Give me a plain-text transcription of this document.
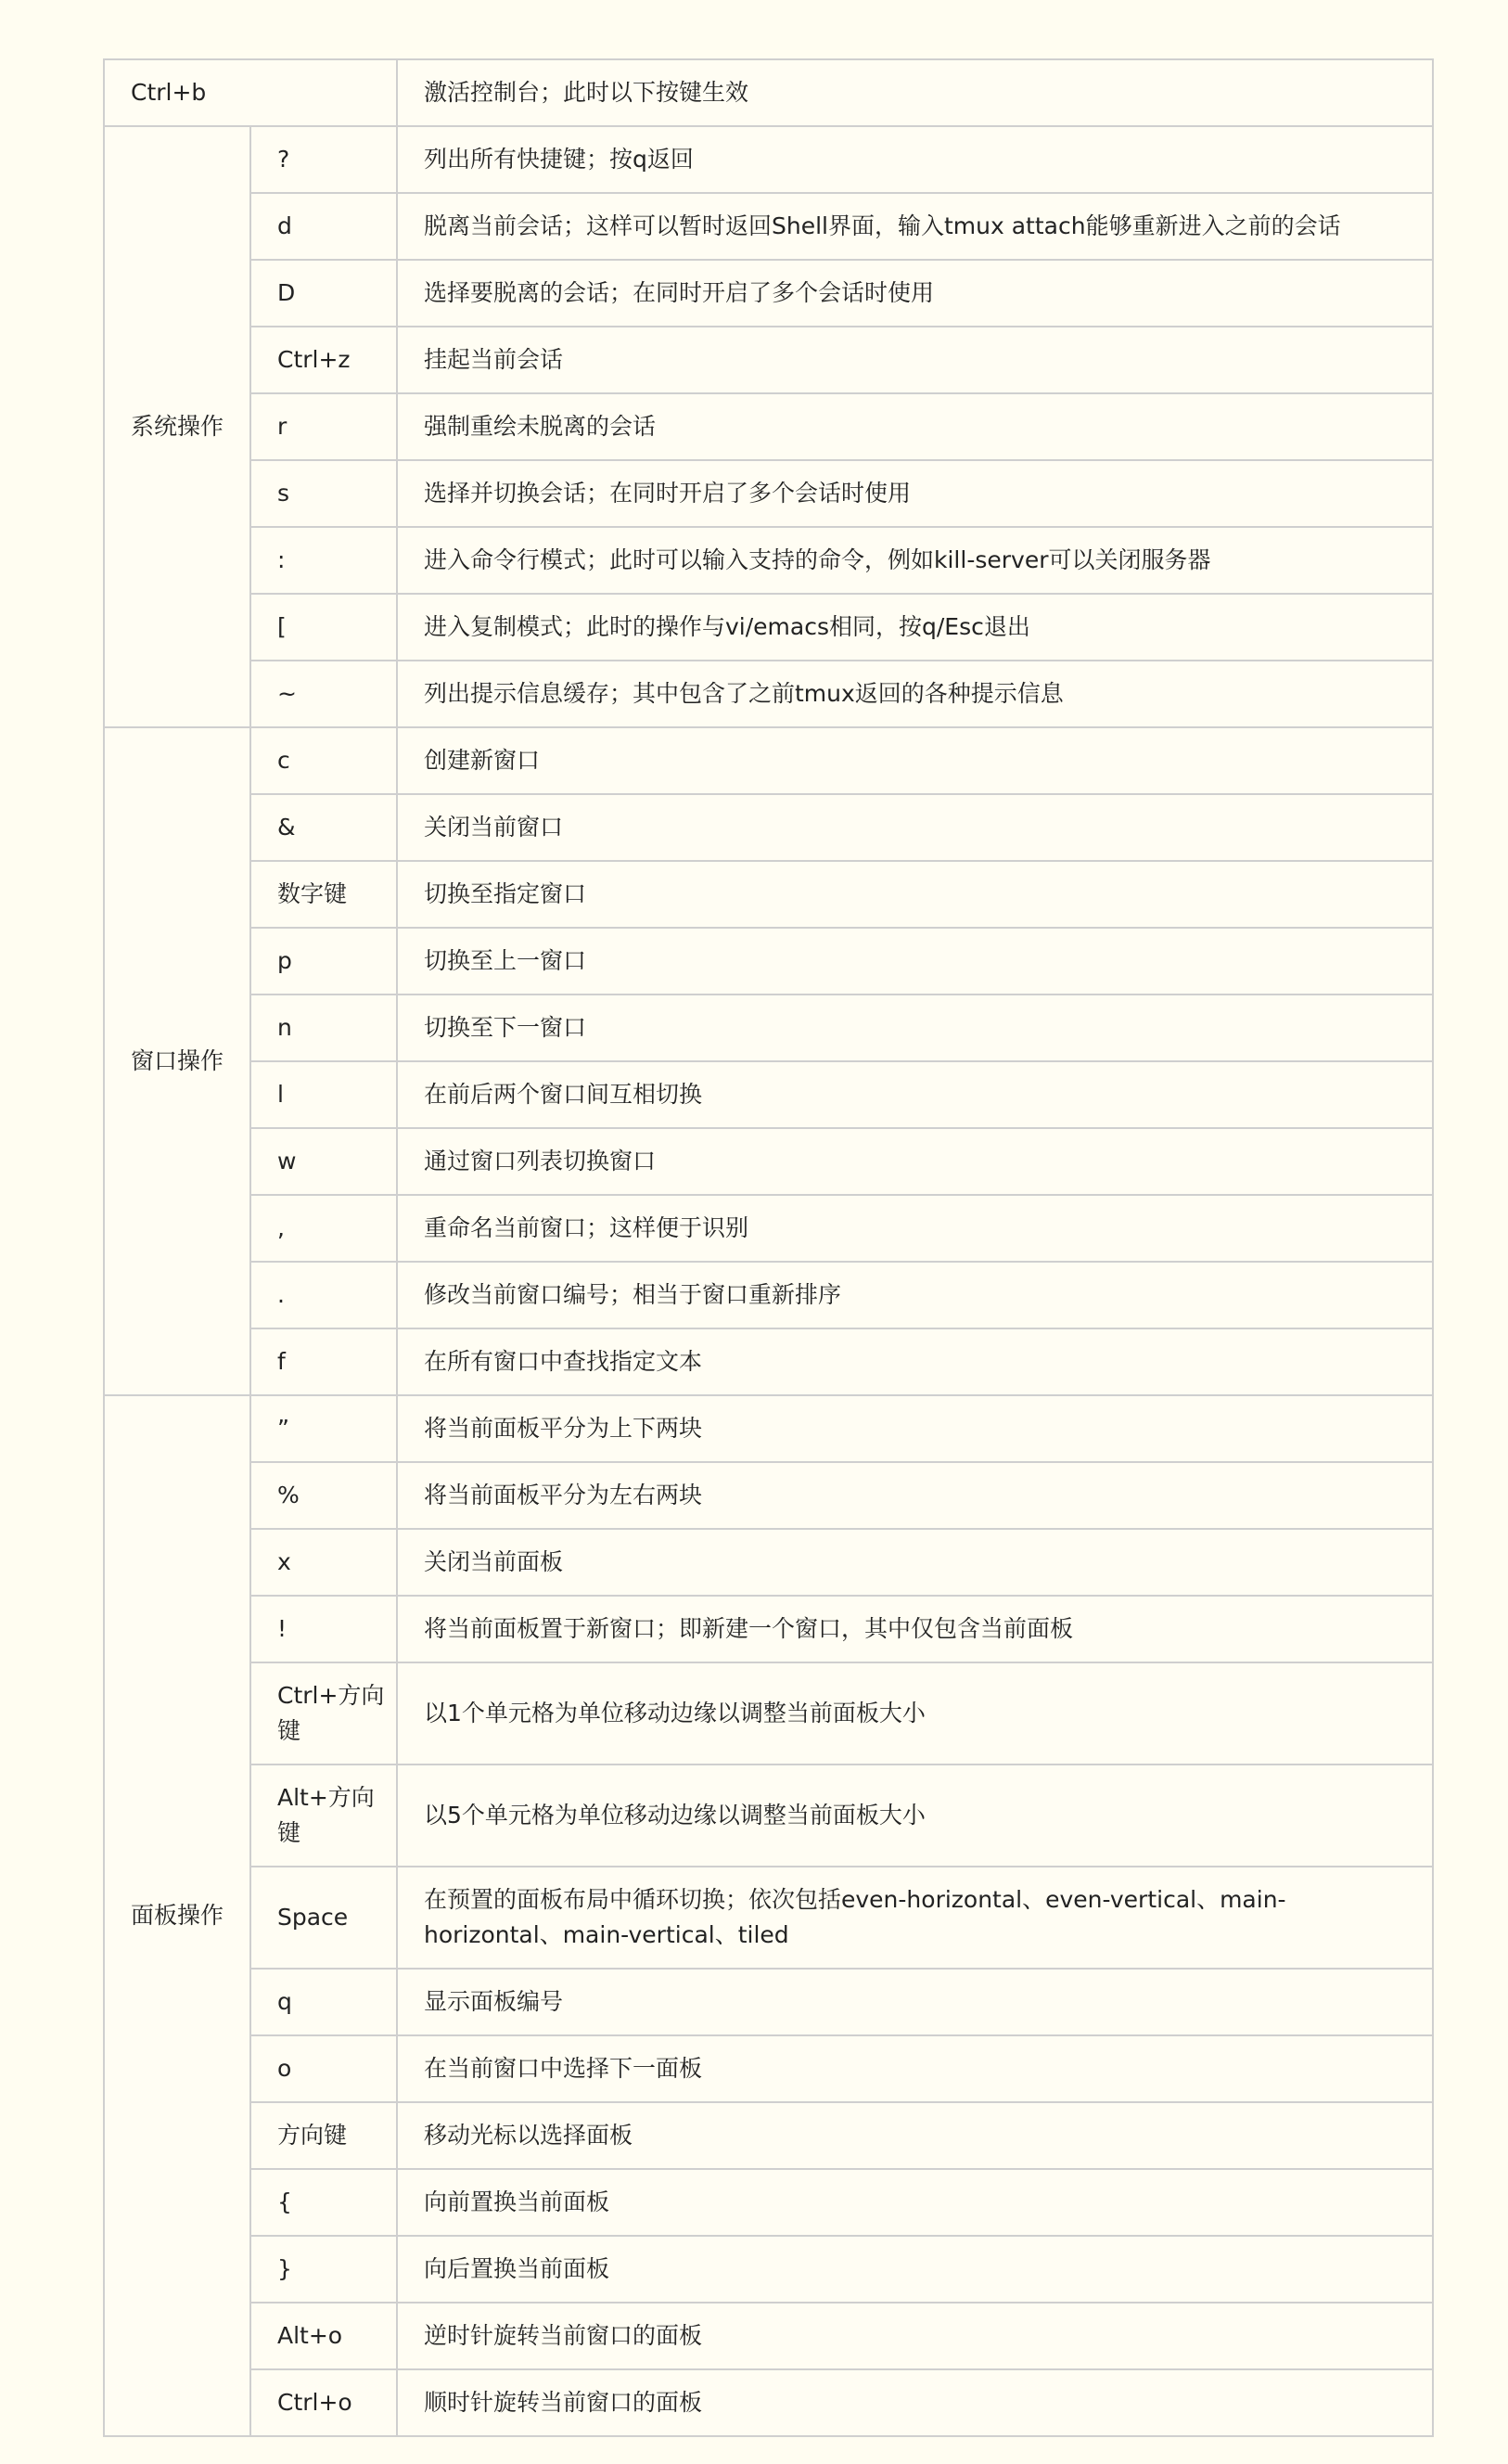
Ctrl+b		激活控制台；此时以下按键生效
系统操作	?	列出所有快捷键；按q返回
	d	脱离当前会话；这样可以暂时返回Shell界面，输入tmux attach能够重新进入之前的会话
	D	选择要脱离的会话；在同时开启了多个会话时使用
	Ctrl+z	挂起当前会话
	r	强制重绘未脱离的会话
	s	选择并切换会话；在同时开启了多个会话时使用
	:	进入命令行模式；此时可以输入支持的命令，例如kill-server可以关闭服务器
	[	进入复制模式；此时的操作与vi/emacs相同，按q/Esc退出
	~	列出提示信息缓存；其中包含了之前tmux返回的各种提示信息
窗口操作	c	创建新窗口
	&	关闭当前窗口
	数字键	切换至指定窗口
	p	切换至上一窗口
	n	切换至下一窗口
	l	在前后两个窗口间互相切换
	w	通过窗口列表切换窗口
	,	重命名当前窗口；这样便于识别
	.	修改当前窗口编号；相当于窗口重新排序
	f	在所有窗口中查找指定文本
面板操作	”	将当前面板平分为上下两块
	%	将当前面板平分为左右两块
	x	关闭当前面板
	!	将当前面板置于新窗口；即新建一个窗口，其中仅包含当前面板
	Ctrl+方向键	以1个单元格为单位移动边缘以调整当前面板大小
	Alt+方向键	以5个单元格为单位移动边缘以调整当前面板大小
	Space	在预置的面板布局中循环切换；依次包括even-horizontal、even-vertical、main-horizontal、main-vertical、tiled
	q	显示面板编号
	o	在当前窗口中选择下一面板
	方向键	移动光标以选择面板
	{	向前置换当前面板
	}	向后置换当前面板
	Alt+o	逆时针旋转当前窗口的面板
	Ctrl+o	顺时针旋转当前窗口的面板
